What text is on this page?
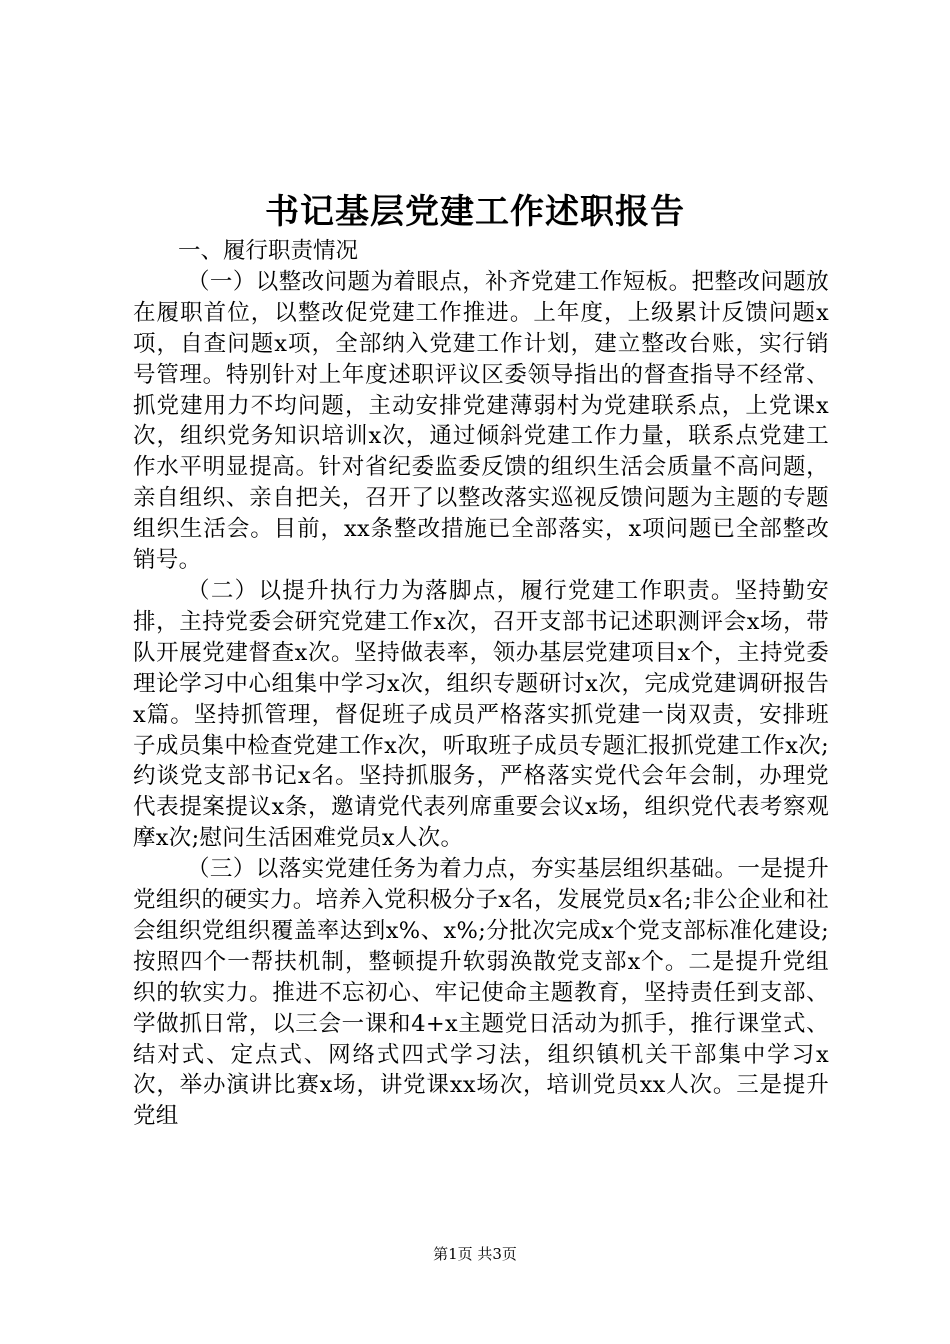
书记基层党建工作述职报告

一、履行职责情况

（一）以整改问题为着眼点，补齐党建工作短板。把整改问题放在履职首位，以整改促党建工作推进。上年度，上级累计反馈问题x项，自查问题x项，全部纳入党建工作计划，建立整改台账，实行销号管理。特别针对上年度述职评议区委领导指出的督查指导不经常、抓党建用力不均问题，主动安排党建薄弱村为党建联系点，上党课x次，组织党务知识培训x次，通过倾斜党建工作力量，联系点党建工作水平明显提高。针对省纪委监委反馈的组织生活会质量不高问题，亲自组织、亲自把关，召开了以整改落实巡视反馈问题为主题的专题组织生活会。目前，xx条整改措施已全部落实，x项问题已全部整改销号。

（二）以提升执行力为落脚点，履行党建工作职责。坚持勤安排，主持党委会研究党建工作x次，召开支部书记述职测评会x场，带队开展党建督查x次。坚持做表率，领办基层党建项目x个，主持党委理论学习中心组集中学习x次，组织专题研讨x次，完成党建调研报告x篇。坚持抓管理，督促班子成员严格落实抓党建一岗双责，安排班子成员集中检查党建工作x次，听取班子成员专题汇报抓党建工作x次;约谈党支部书记x名。坚持抓服务，严格落实党代会年会制，办理党代表提案提议x条，邀请党代表列席重要会议x场，组织党代表考察观摩x次;慰问生活困难党员x人次。

（三）以落实党建任务为着力点，夯实基层组织基础。一是提升党组织的硬实力。培养入党积极分子x名，发展党员x名;非公企业和社会组织党组织覆盖率达到x%、x%;分批次完成x个党支部标准化建设;按照四个一帮扶机制，整顿提升软弱涣散党支部x个。二是提升党组织的软实力。推进不忘初心、牢记使命主题教育，坚持责任到支部、学做抓日常，以三会一课和4+x主题党日活动为抓手，推行课堂式、结对式、定点式、网络式四式学习法，组织镇机关干部集中学习x次，举办演讲比赛x场，讲党课xx场次，培训党员xx人次。三是提升党组

第1页 共3页
